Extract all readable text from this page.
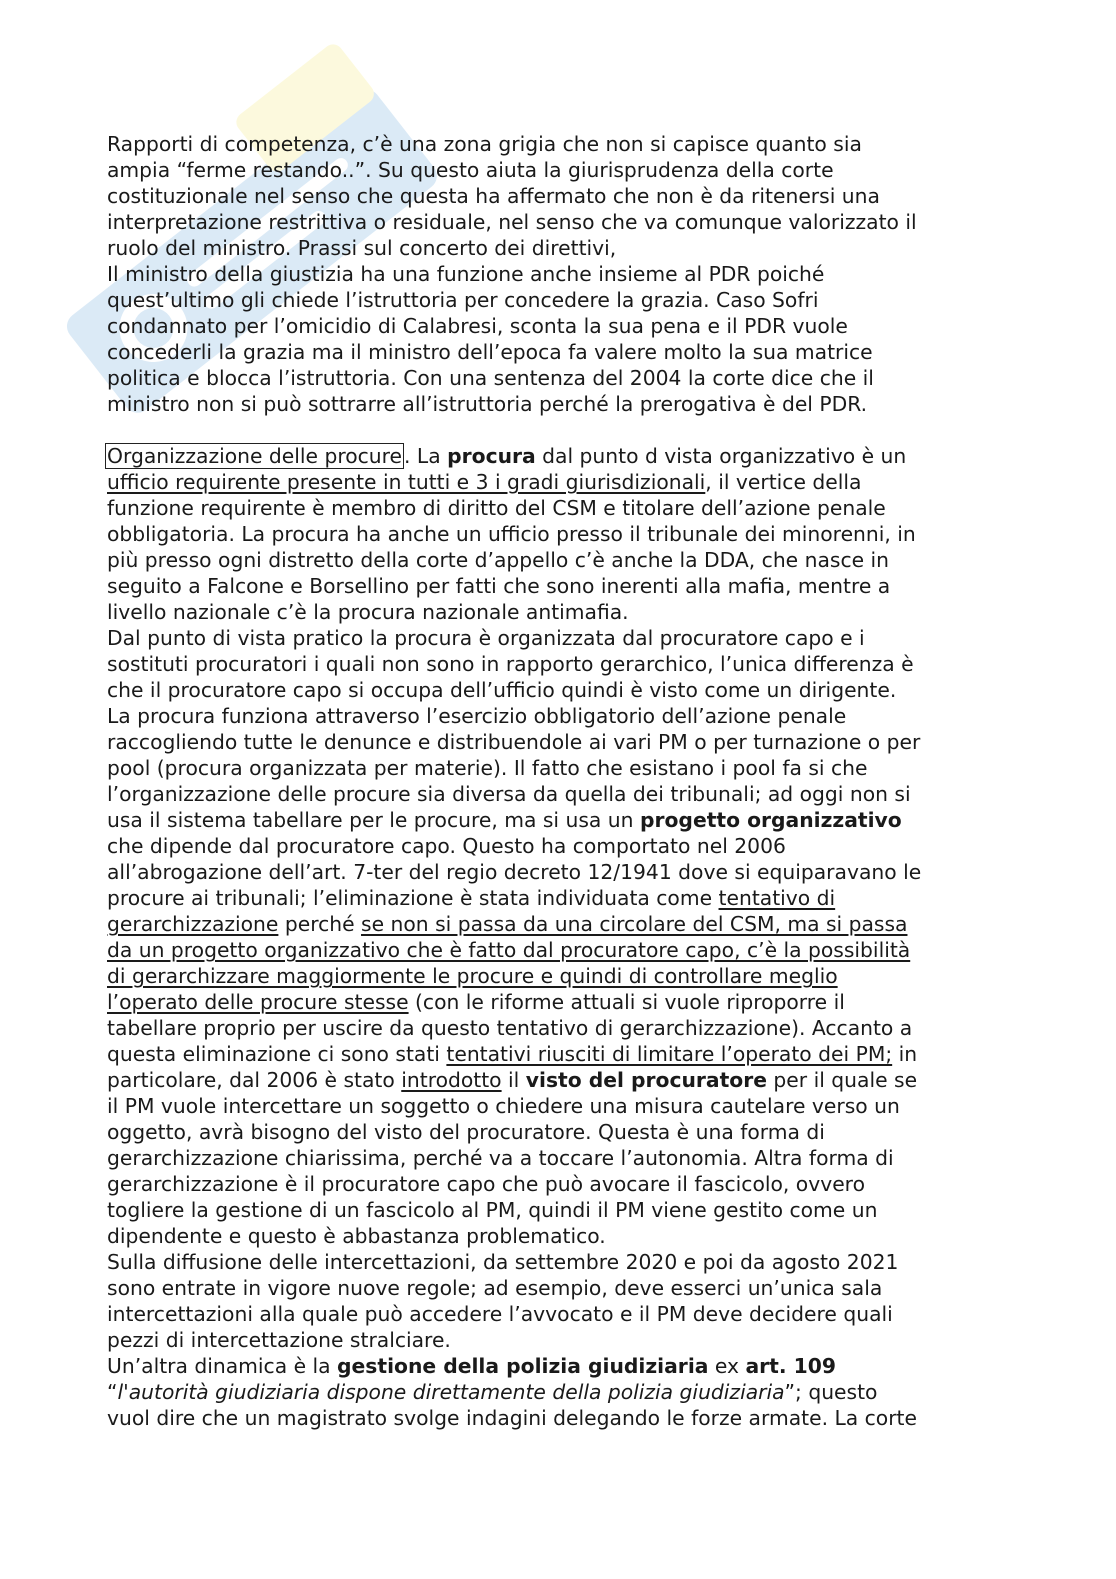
Rapporti di competenza, c’è una zona grigia che non si capisce quanto sia
ampia “ferme restando..”. Su questo aiuta la giurisprudenza della corte
costituzionale nel senso che questa ha affermato che non è da ritenersi una
interpretazione restrittiva o residuale, nel senso che va comunque valorizzato il
ruolo del ministro. Prassi sul concerto dei direttivi,
Il ministro della giustizia ha una funzione anche insieme al PDR poiché
quest’ultimo gli chiede l’istruttoria per concedere la grazia. Caso Sofri
condannato per l’omicidio di Calabresi, sconta la sua pena e il PDR vuole
concederli la grazia ma il ministro dell’epoca fa valere molto la sua matrice
politica e blocca l’istruttoria. Con una sentenza del 2004 la corte dice che il
ministro non si può sottrarre all’istruttoria perché la prerogativa è del PDR.
Organizzazione delle procure. La procura dal punto d vista organizzativo è un
ufficio requirente presente in tutti e 3 i gradi giurisdizionali, il vertice della
funzione requirente è membro di diritto del CSM e titolare dell’azione penale
obbligatoria. La procura ha anche un ufficio presso il tribunale dei minorenni, in
più presso ogni distretto della corte d’appello c’è anche la DDA, che nasce in
seguito a Falcone e Borsellino per fatti che sono inerenti alla mafia, mentre a
livello nazionale c’è la procura nazionale antimafia.
Dal punto di vista pratico la procura è organizzata dal procuratore capo e i
sostituti procuratori i quali non sono in rapporto gerarchico, l’unica differenza è
che il procuratore capo si occupa dell’ufficio quindi è visto come un dirigente.
La procura funziona attraverso l’esercizio obbligatorio dell’azione penale
raccogliendo tutte le denunce e distribuendole ai vari PM o per turnazione o per
pool (procura organizzata per materie). Il fatto che esistano i pool fa si che
l’organizzazione delle procure sia diversa da quella dei tribunali; ad oggi non si
usa il sistema tabellare per le procure, ma si usa un progetto organizzativo
che dipende dal procuratore capo. Questo ha comportato nel 2006
all’abrogazione dell’art. 7-ter del regio decreto 12/1941 dove si equiparavano le
procure ai tribunali; l’eliminazione è stata individuata come tentativo di
gerarchizzazione perché se non si passa da una circolare del CSM, ma si passa
da un progetto organizzativo che è fatto dal procuratore capo, c’è la possibilità
di gerarchizzare maggiormente le procure e quindi di controllare meglio
l’operato delle procure stesse (con le riforme attuali si vuole riproporre il
tabellare proprio per uscire da questo tentativo di gerarchizzazione). Accanto a
questa eliminazione ci sono stati tentativi riusciti di limitare l’operato dei PM; in
particolare, dal 2006 è stato introdotto il visto del procuratore per il quale se
il PM vuole intercettare un soggetto o chiedere una misura cautelare verso un
oggetto, avrà bisogno del visto del procuratore. Questa è una forma di
gerarchizzazione chiarissima, perché va a toccare l’autonomia. Altra forma di
gerarchizzazione è il procuratore capo che può avocare il fascicolo, ovvero
togliere la gestione di un fascicolo al PM, quindi il PM viene gestito come un
dipendente e questo è abbastanza problematico.
Sulla diffusione delle intercettazioni, da settembre 2020 e poi da agosto 2021
sono entrate in vigore nuove regole; ad esempio, deve esserci un’unica sala
intercettazioni alla quale può accedere l’avvocato e il PM deve decidere quali
pezzi di intercettazione stralciare.
Un’altra dinamica è la gestione della polizia giudiziaria ex art. 109
“l'autorità giudiziaria dispone direttamente della polizia giudiziaria”; questo
vuol dire che un magistrato svolge indagini delegando le forze armate. La corte
